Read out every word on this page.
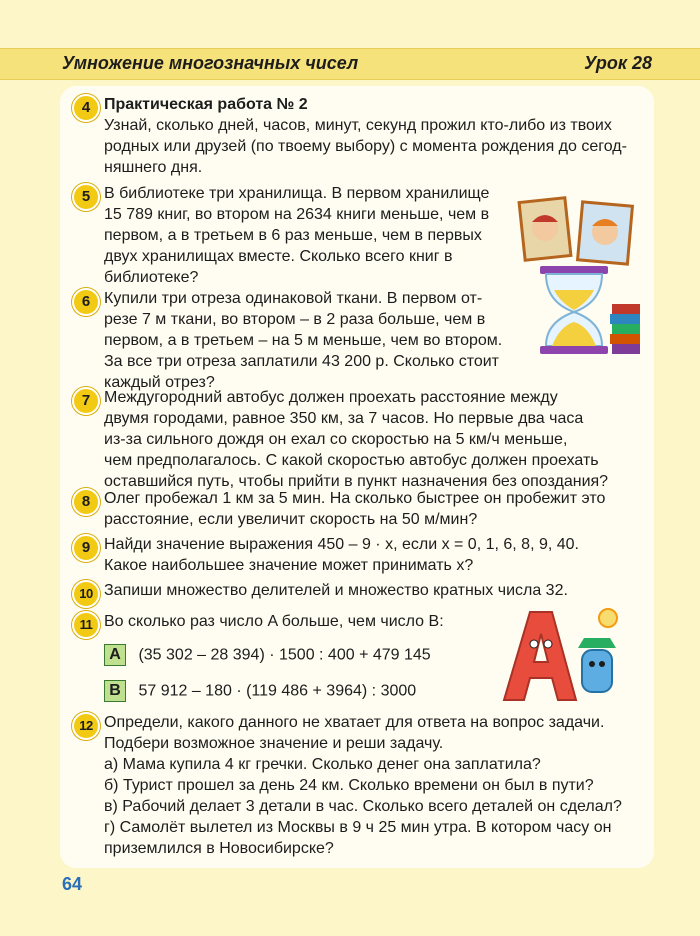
Умножение многозначных чисел	Урок 28
4 Практическая работа № 2
Узнай, сколько дней, часов, минут, секунд прожил кто-либо из твоих
родных или друзей (по твоему выбору) с момента рождения до сегод-
няшнего дня.
5 В библиотеке три хранилища. В первом хранилище
15 789 книг, во втором на 2634 книги меньше, чем в
первом, а в третьем в 6 раз меньше, чем в первых
двух хранилищах вместе. Сколько всего книг в
библиотеке?
6 Купили три отреза одинаковой ткани. В первом от-
резе 7 м ткани, во втором – в 2 раза больше, чем в
первом, а в третьем – на 5 м меньше, чем во втором.
За все три отреза заплатили 43 200 р. Сколько стоит
каждый отрез?
7 Междугородний автобус должен проехать расстояние между
двумя городами, равное 350 км, за 7 часов. Но первые два часа
из-за сильного дождя он ехал со скоростью на 5 км/ч меньше,
чем предполагалось. С какой скоростью автобус должен проехать
оставшийся путь, чтобы прийти в пункт назначения без опоздания?
8 Олег пробежал 1 км за 5 мин. На сколько быстрее он пробежит это
расстояние, если увеличит скорость на 50 м/мин?
9 Найди значение выражения 450 – 9 · x, если x = 0, 1, 6, 8, 9, 40.
Какое наибольшее значение может принимать x?
10 Запиши множество делителей и множество кратных числа 32.
11 Во сколько раз число A больше, чем число B:
А (35 302 – 28 394) · 1500 : 400 + 479 145
В 57 912 – 180 · (119 486 + 3964) : 3000
12 Определи, какого данного не хватает для ответа на вопрос задачи.
Подбери возможное значение и реши задачу.
а) Мама купила 4 кг гречки. Сколько денег она заплатила?
б) Турист прошел за день 24 км. Сколько времени он был в пути?
в) Рабочий делает 3 детали в час. Сколько всего деталей он сделал?
г) Самолёт вылетел из Москвы в 9 ч 25 мин утра. В котором часу он
приземлился в Новосибирске?
64
